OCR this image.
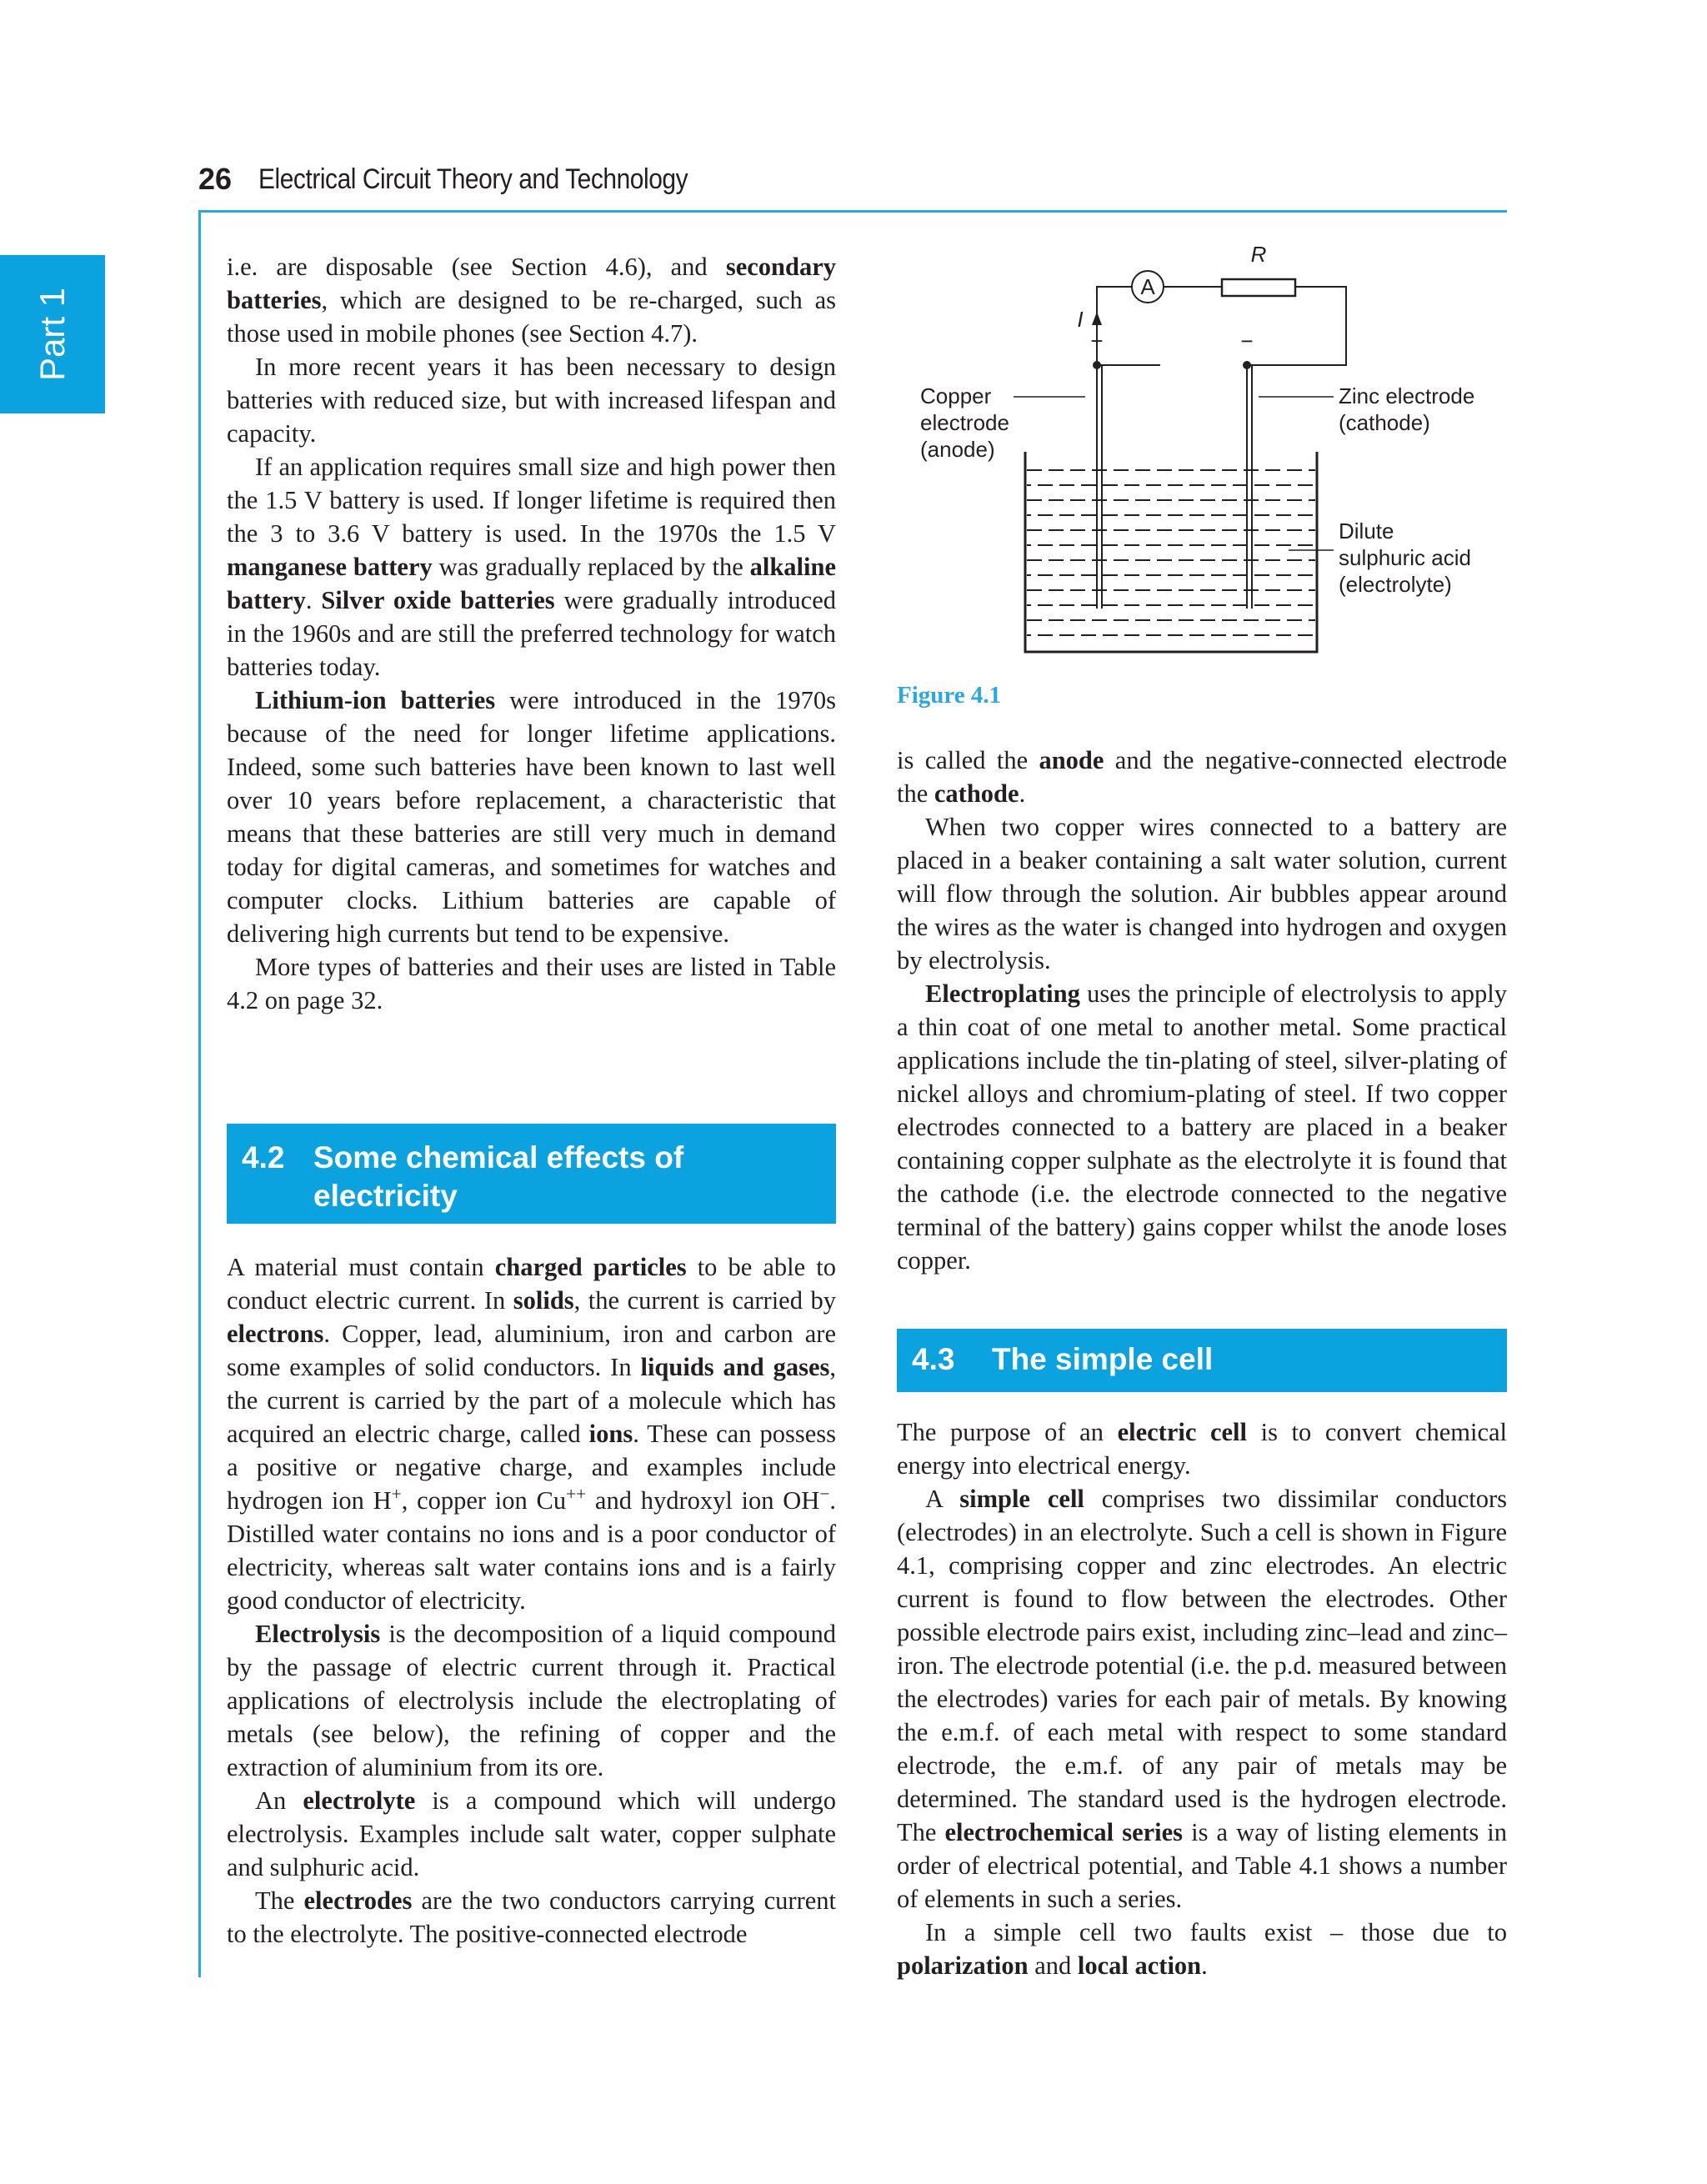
26 Electrical Circuit Theory and Technology
Part 1

i.e. are disposable (see Section 4.6), and secondary batteries, which are designed to be re-charged, such as those used in mobile phones (see Section 4.7).

In more recent years it has been necessary to design batteries with reduced size, but with increased lifespan and capacity.

If an application requires small size and high power then the 1.5 V battery is used. If longer lifetime is required then the 3 to 3.6 V battery is used. In the 1970s the 1.5 V manganese battery was gradually replaced by the alkaline battery. Silver oxide batteries were gradually introduced in the 1960s and are still the preferred technology for watch batteries today.

Lithium-ion batteries were introduced in the 1970s because of the need for longer lifetime applications. Indeed, some such batteries have been known to last well over 10 years before replacement, a characteristic that means that these batteries are still very much in demand today for digital cameras, and sometimes for watches and computer clocks. Lithium batteries are capable of delivering high currents but tend to be expensive.

More types of batteries and their uses are listed in Table 4.2 on page 32.

4.2 Some chemical effects of
electricity

A material must contain charged particles to be able to conduct electric current. In solids, the current is carried by electrons. Copper, lead, aluminium, iron and carbon are some examples of solid conductors. In liquids and gases, the current is carried by the part of a molecule which has acquired an electric charge, called ions. These can possess a positive or negative charge, and examples include hydrogen ion H+, copper ion Cu++ and hydroxyl ion OH−. Distilled water contains no ions and is a poor conductor of electricity, whereas salt water contains ions and is a fairly good conductor of electricity.

Electrolysis is the decomposition of a liquid compound by the passage of electric current through it. Practical applications of electrolysis include the electroplating of metals (see below), the refining of copper and the extraction of aluminium from its ore.

An electrolyte is a compound which will undergo electrolysis. Examples include salt water, copper sulphate and sulphuric acid.

The electrodes are the two conductors carrying current to the electrolyte. The positive-connected electrode

A
R
I
+	−
Copper
electrode
(anode)
Zinc electrode
(cathode)
Dilute
sulphuric acid
(electrolyte)
Figure 4.1

is called the anode and the negative-connected electrode the cathode.

When two copper wires connected to a battery are placed in a beaker containing a salt water solution, current will flow through the solution. Air bubbles appear around the wires as the water is changed into hydrogen and oxygen by electrolysis.

Electroplating uses the principle of electrolysis to apply a thin coat of one metal to another metal. Some practical applications include the tin-plating of steel, silver-plating of nickel alloys and chromium-plating of steel. If two copper electrodes connected to a battery are placed in a beaker containing copper sulphate as the electrolyte it is found that the cathode (i.e. the electrode connected to the negative terminal of the battery) gains copper whilst the anode loses copper.

4.3 The simple cell

The purpose of an electric cell is to convert chemical energy into electrical energy.

A simple cell comprises two dissimilar conductors (electrodes) in an electrolyte. Such a cell is shown in Figure 4.1, comprising copper and zinc electrodes. An electric current is found to flow between the electrodes. Other possible electrode pairs exist, including zinc–lead and zinc–iron. The electrode potential (i.e. the p.d. measured between the electrodes) varies for each pair of metals. By knowing the e.m.f. of each metal with respect to some standard electrode, the e.m.f. of any pair of metals may be determined. The standard used is the hydrogen electrode. The electrochemical series is a way of listing elements in order of electrical potential, and Table 4.1 shows a number of elements in such a series.

In a simple cell two faults exist – those due to polarization and local action.
